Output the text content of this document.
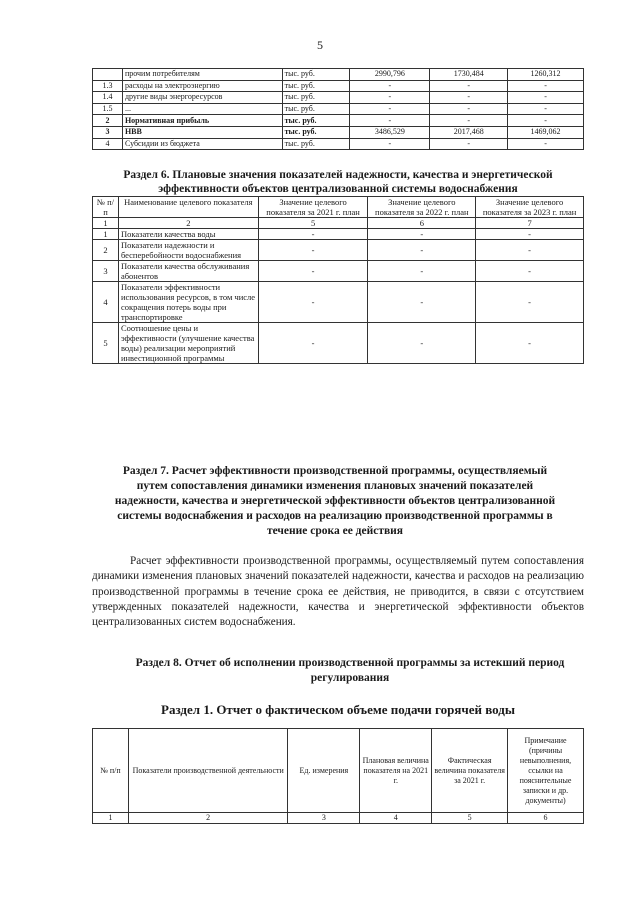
5
	прочим потребителям	тыс. руб.	2990,796	1730,484	1260,312
1.3	расходы на электроэнергию	тыс. руб.	-	-	-
1.4	другие виды энергоресурсов	тыс. руб.	-	-	-
1.5	...	тыс. руб.	-	-	-
2	Нормативная прибыль	тыс. руб.	-	-	-
3	НВВ	тыс. руб.	3486,529	2017,468	1469,062
4	Субсидии из бюджета	тыс. руб.	-	-	-
Раздел 6. Плановые значения показателей надежности, качества и энергетической эффективности объектов централизованной системы водоснабжения
№ п/п	Наименование целевого показателя	Значение целевого показателя за 2021 г. план	Значение целевого показателя за 2022 г. план	Значение целевого показателя за 2023 г. план
1	2	5	6	7
1	Показатели качества воды	-	-	-
2	Показатели надежности и бесперебойности водоснабжения	-	-	-
3	Показатели качества обслуживания абонентов	-	-	-
4	Показатели эффективности использования ресурсов, в том числе сокращения потерь воды при транспортировке	-	-	-
5	Соотношение цены и эффективности (улучшение качества воды) реализации мероприятий инвестиционной программы	-	-	-
Раздел 7. Расчет эффективности производственной программы, осуществляемый путем сопоставления динамики изменения плановых значений показателей надежности, качества и энергетической эффективности объектов централизованной системы водоснабжения и расходов на реализацию производственной программы в течение срока ее действия
Расчет эффективности производственной программы, осуществляемый путем сопоставления динамики изменения плановых значений показателей надежности, качества и расходов на реализацию производственной программы в течение срока ее действия, не приводится, в связи с отсутствием утвержденных показателей надежности, качества и энергетической эффективности объектов централизованных систем водоснабжения.
Раздел 8. Отчет об исполнении производственной программы за истекший период регулирования
Раздел 1. Отчет о фактическом объеме подачи горячей воды
№ п/п	Показатели производственной деятельности	Ед. измерения	Плановая величина показателя на 2021 г.	Фактическая величина показателя за 2021 г.	Примечание (причины невыполнения, ссылки на пояснительные записки и др. документы)
1	2	3	4	5	6
